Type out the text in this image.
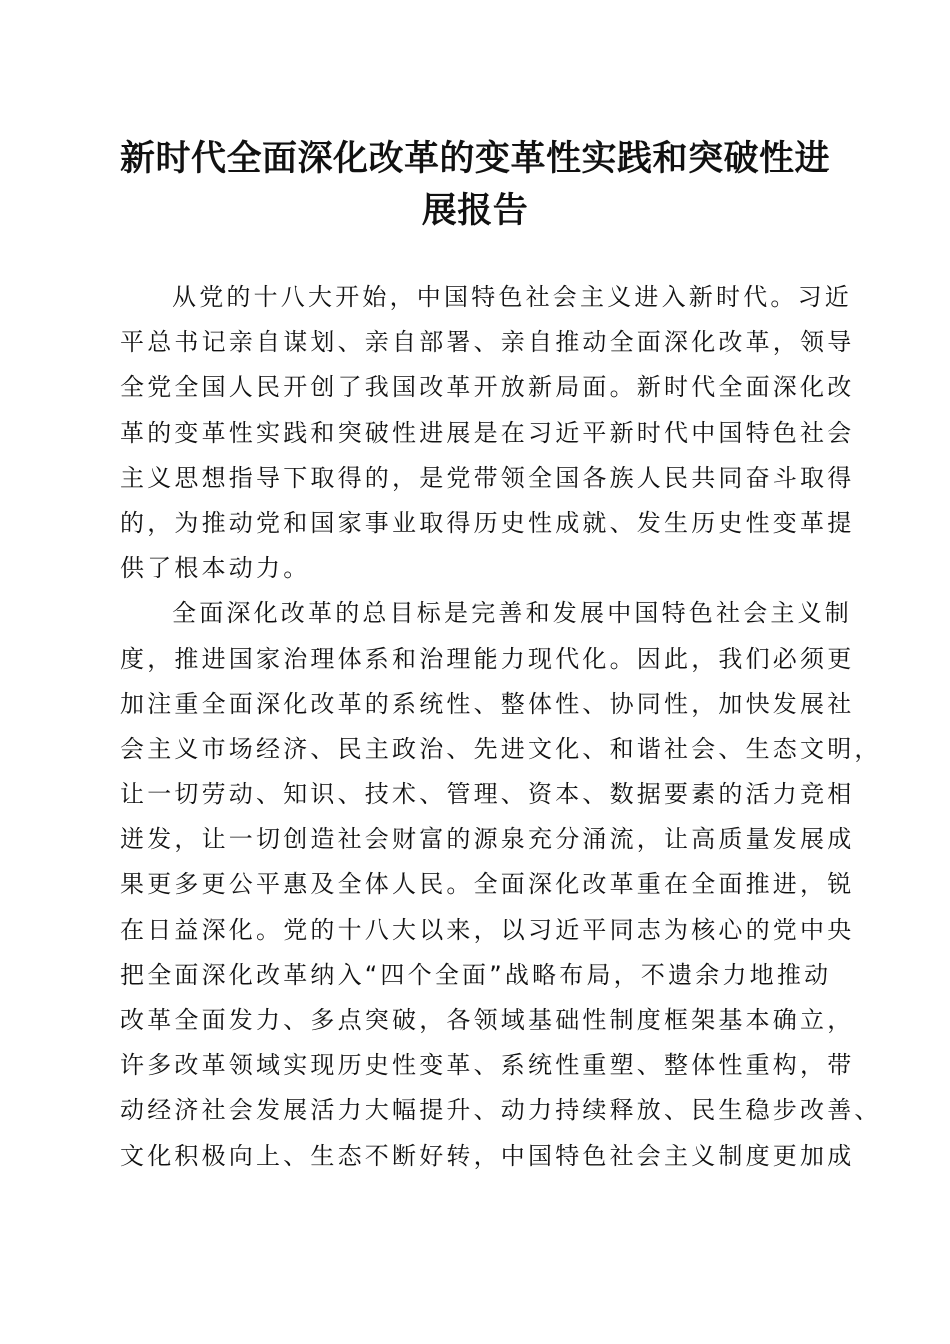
新时代全面深化改革的变革性实践和突破性进
展报告
从党的十八大开始，中国特色社会主义进入新时代。习近
平总书记亲自谋划、亲自部署、亲自推动全面深化改革，领导
全党全国人民开创了我国改革开放新局面。新时代全面深化改
革的变革性实践和突破性进展是在习近平新时代中国特色社会
主义思想指导下取得的，是党带领全国各族人民共同奋斗取得
的，为推动党和国家事业取得历史性成就、发生历史性变革提
供了根本动力。
全面深化改革的总目标是完善和发展中国特色社会主义制
度，推进国家治理体系和治理能力现代化。因此，我们必须更
加注重全面深化改革的系统性、整体性、协同性，加快发展社
会主义市场经济、民主政治、先进文化、和谐社会、生态文明，
让一切劳动、知识、技术、管理、资本、数据要素的活力竞相
迸发，让一切创造社会财富的源泉充分涌流，让高质量发展成
果更多更公平惠及全体人民。全面深化改革重在全面推进，锐
在日益深化。党的十八大以来，以习近平同志为核心的党中央
把全面深化改革纳入“四个全面”战略布局，不遗余力地推动
改革全面发力、多点突破，各领域基础性制度框架基本确立，
许多改革领域实现历史性变革、系统性重塑、整体性重构，带
动经济社会发展活力大幅提升、动力持续释放、民生稳步改善、
文化积极向上、生态不断好转，中国特色社会主义制度更加成
